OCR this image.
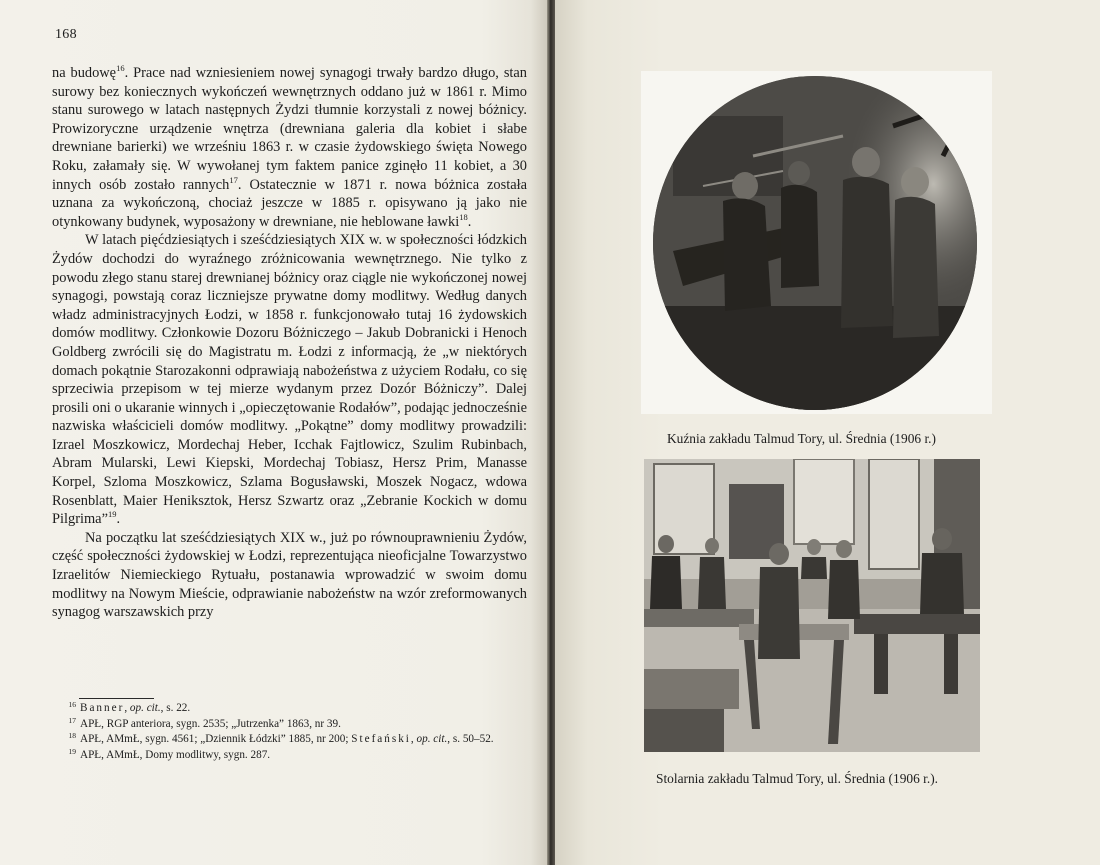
168

na budowę$^{16}$. Prace nad wzniesieniem nowej synagogi trwały bardzo długo, stan surowy bez koniecznych wykończeń wewnętrznych oddano już w 1861 r. Mimo stanu surowego w latach następnych Żydzi tłumnie korzystali z nowej bóżnicy. Prowizoryczne urządzenie wnętrza (drewniana galeria dla kobiet i słabe drewniane barierki) we wrześniu 1863 r. w czasie żydowskiego święta Nowego Roku, załamały się. W wywołanej tym faktem panice zginęło 11 kobiet, a 30 innych osób zostało rannych$^{17}$. Ostatecznie w 1871 r. nowa bóżnica została uznana za wykończoną, chociaż jeszcze w 1885 r. opisywano ją jako nie otynkowany budynek, wyposażony w drewniane, nie heblowane ławki$^{18}$.

W latach pięćdziesiątych i sześćdziesiątych XIX w. w społeczności łódzkich Żydów dochodzi do wyraźnego zróżnicowania wewnętrznego. Nie tylko z powodu złego stanu starej drewnianej bóżnicy oraz ciągle nie wykończonej nowej synagogi, powstają coraz liczniejsze prywatne domy modlitwy. Według danych władz administracyjnych Łodzi, w 1858 r. funkcjonowało tutaj 16 żydowskich domów modlitwy. Członkowie Dozoru Bóżniczego – Jakub Dobranicki i Henoch Goldberg zwrócili się do Magistratu m. Łodzi z informacją, że „w niektórych domach pokątnie Starozakonni odprawiają nabożeństwa z użyciem Rodału, co się sprzeciwia przepisom w tej mierze wydanym przez Dozór Bóżniczy”. Dalej prosili oni o ukaranie winnych i „opieczętowanie Rodałów”, podając jednocześnie nazwiska właścicieli domów modlitwy. „Pokątne” domy modlitwy prowadzili: Izrael Moszkowicz, Mordechaj Heber, Icchak Fajtlowicz, Szulim Rubinbach, Abram Mularski, Lewi Kiepski, Mordechaj Tobiasz, Hersz Prim, Manasse Korpel, Szloma Moszkowicz, Szlama Bogusławski, Moszek Nogacz, wdowa Rosenblatt, Maier Heniksztok, Hersz Szwartz oraz „Zebranie Kockich w domu Pilgrima”$^{19}$.

Na początku lat sześćdziesiątych XIX w., już po równouprawnieniu Żydów, część społeczności żydowskiej w Łodzi, reprezentująca nieoficjalne Towarzystwo Izraelitów Niemieckiego Rytuału, postanawia wprowadzić w swoim domu modlitwy na Nowym Mieście, odprawianie nabożeństw na wzór zreformowanych synagog warszawskich przy

16 Banner, op. cit., s. 22.

17 APŁ, RGP anteriora, sygn. 2535; „Jutrzenka” 1863, nr 39.

18 APŁ, AMmŁ, sygn. 4561; „Dziennik Łódzki” 1885, nr 200; Stefański, op. cit., s. 50–52.

19 APŁ, AMmŁ, Domy modlitwy, sygn. 287.

Kuźnia zakładu Talmud Tory, ul. Średnia (1906 r.)
Stolarnia zakładu Talmud Tory, ul. Średnia (1906 r.).
